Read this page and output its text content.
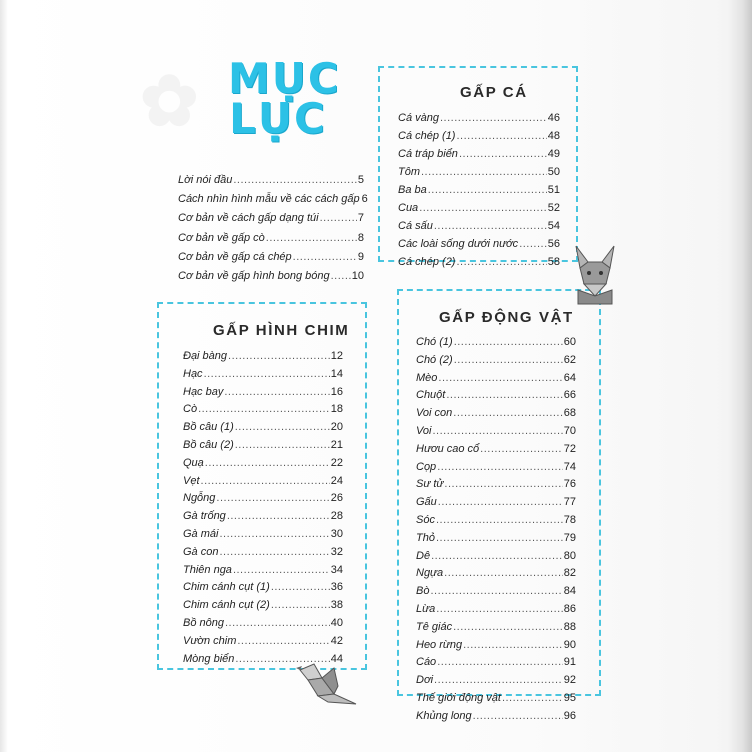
✿ MỤC
LỤC
Lời nói đầu .....	5
Cách nhìn hình mẫu về các cách gấp 6
Cơ bản về cách gấp dạng túi .....	7
Cơ bản về gấp cò .....	8
Cơ bản về gấp cá chép .....	9
Cơ bản về gấp hình bong bóng ..... 10
GẤP CÁ
Cá vàng .....	46
Cá chép (1) .....	48
Cá tráp biển .....	49
Tôm .....	50
Ba ba .....	51
Cua .....	52
Cá sấu .....	54
Các loài sống dưới nước .....	56
Cá chép (2) .....	58
GẤP HÌNH CHIM
Đại bàng .....	12
Hạc .....	14
Hạc bay .....	16
Cò .....	18
Bồ câu (1) .....	20
Bồ câu (2) .....	21
Quạ .....	22
Vẹt .....	24
Ngỗng .....	26
Gà trống .....	28
Gà mái .....	30
Gà con .....	32
Thiên nga .....	34
Chim cánh cụt (1) .....	36
Chim cánh cụt (2) .....	38
Bồ nông .....	40
Vườn chim .....	42
Mòng biển .....	44
GẤP ĐỘNG VẬT
Chó (1) .....	60
Chó (2) .....	62
Mèo .....	64
Chuột .....	66
Voi con .....	68
Voi .....	70
Hươu cao cổ .....	72
Cọp .....	74
Sư tử .....	76
Gấu .....	77
Sóc .....	78
Thỏ .....	79
Dê .....	80
Ngựa .....	82
Bò .....	84
Lừa .....	86
Tê giác .....	88
Heo rừng .....	90
Cáo .....	91
Dơi .....	92
Thế giới động vật .....	95
Khủng long .....	96
